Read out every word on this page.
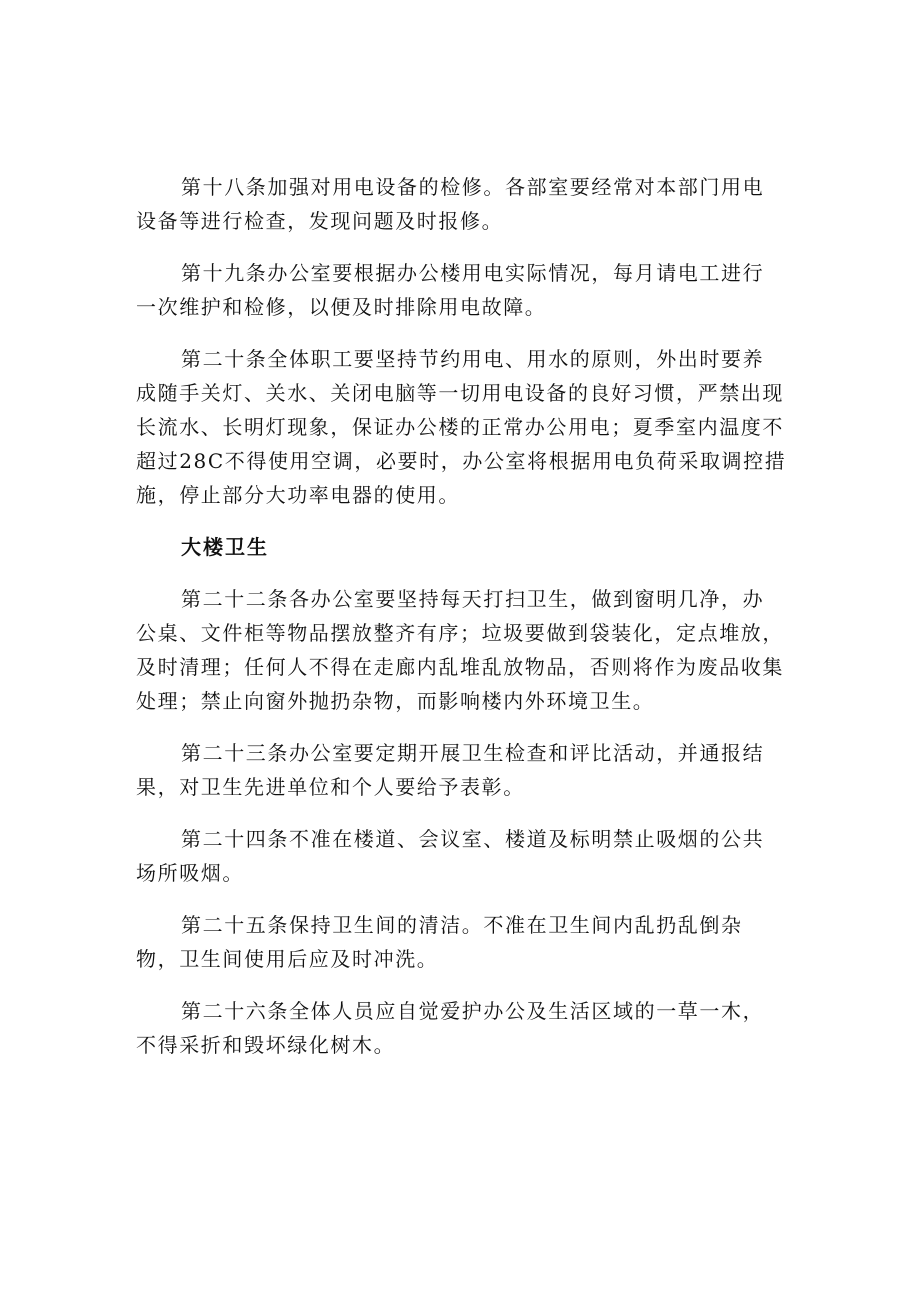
第十八条加强对用电设备的检修。各部室要经常对本部门用电
设备等进行检查，发现问题及时报修。
第十九条办公室要根据办公楼用电实际情况，每月请电工进行
一次维护和检修，以便及时排除用电故障。
第二十条全体职工要坚持节约用电、用水的原则，外出时要养
成随手关灯、关水、关闭电脑等一切用电设备的良好习惯，严禁出现
长流水、长明灯现象，保证办公楼的正常办公用电；夏季室内温度不
超过28C不得使用空调，必要时，办公室将根据用电负荷采取调控措
施，停止部分大功率电器的使用。
大楼卫生
第二十二条各办公室要坚持每天打扫卫生，做到窗明几净，办
公桌、文件柜等物品摆放整齐有序；垃圾要做到袋装化，定点堆放，
及时清理；任何人不得在走廊内乱堆乱放物品，否则将作为废品收集
处理；禁止向窗外抛扔杂物，而影响楼内外环境卫生。
第二十三条办公室要定期开展卫生检查和评比活动，并通报结
果，对卫生先进单位和个人要给予表彰。
第二十四条不准在楼道、会议室、楼道及标明禁止吸烟的公共
场所吸烟。
第二十五条保持卫生间的清洁。不准在卫生间内乱扔乱倒杂
物，卫生间使用后应及时冲洗。
第二十六条全体人员应自觉爱护办公及生活区域的一草一木，
不得采折和毁坏绿化树木。
